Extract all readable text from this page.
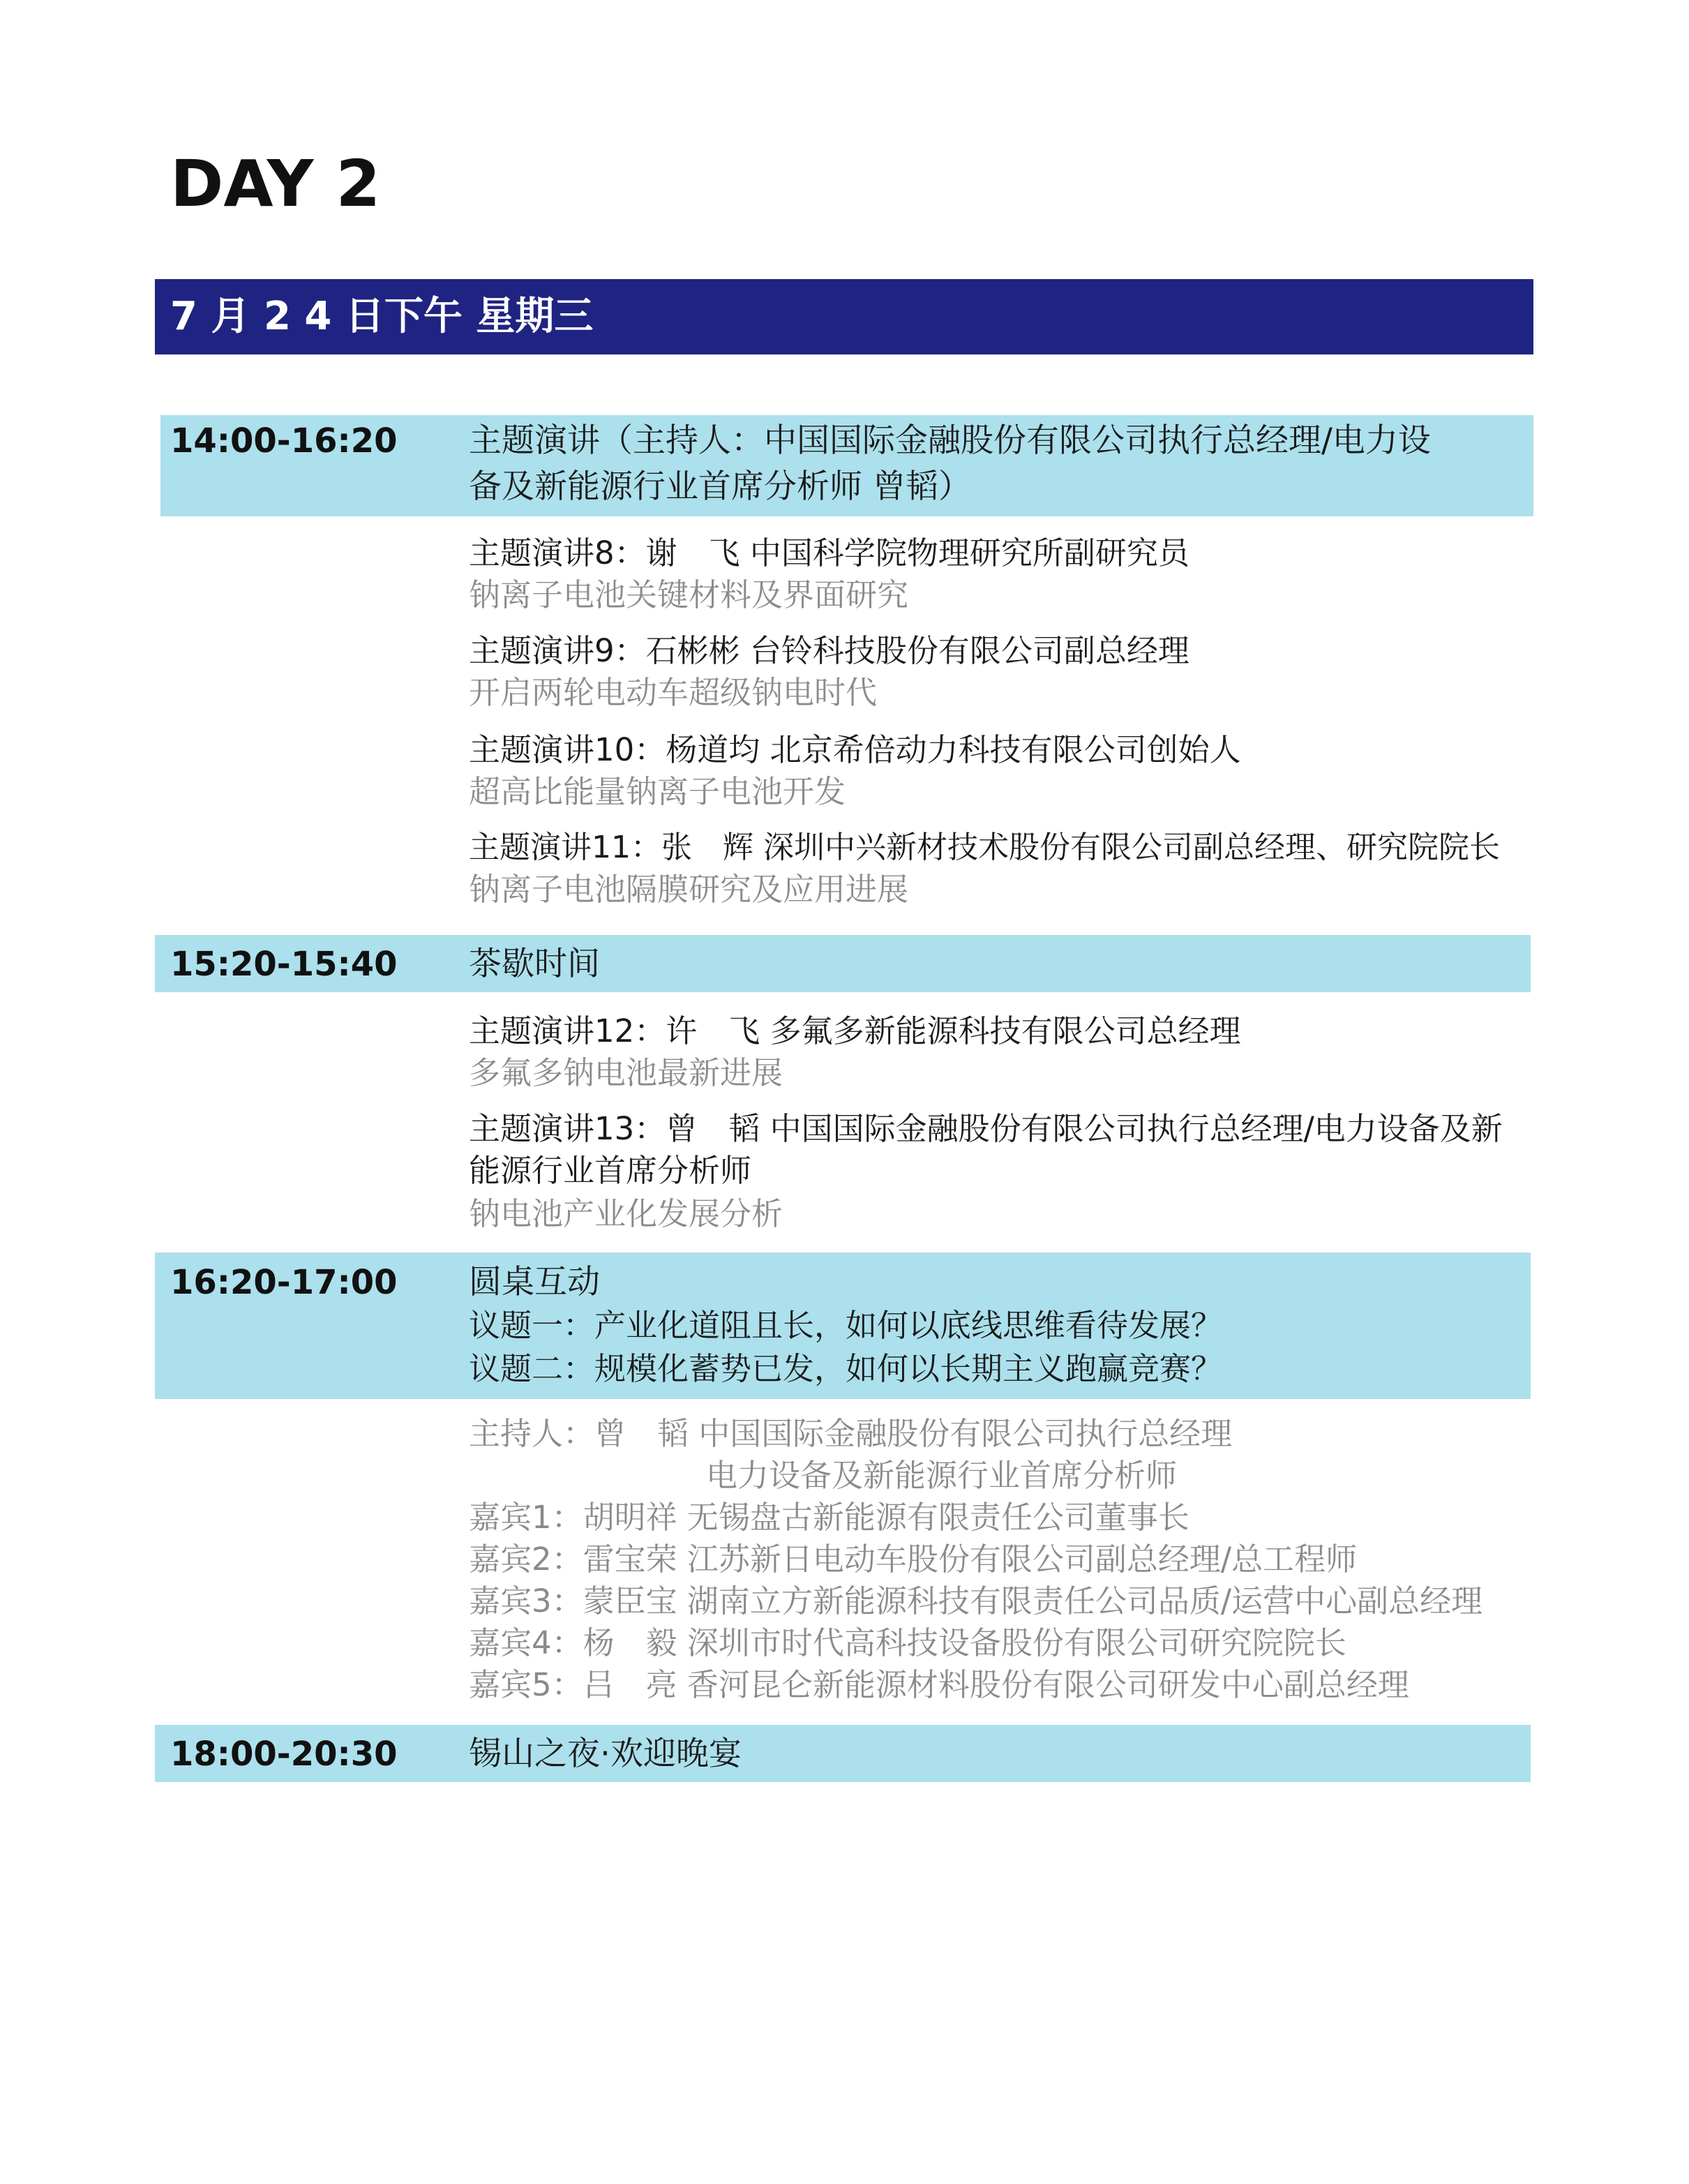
DAY 2
7 月 2 4 日下午 星期三
14:00-16:20 主题演讲（主持人：中国国际金融股份有限公司执行总经理/电力设
备及新能源行业首席分析师 曾韬）
主题演讲8：谢　飞 中国科学院物理研究所副研究员
钠离子电池关键材料及界面研究
主题演讲9：石彬彬 台铃科技股份有限公司副总经理
开启两轮电动车超级钠电时代
主题演讲10：杨道均 北京希倍动力科技有限公司创始人
超高比能量钠离子电池开发
主题演讲11：张　辉 深圳中兴新材技术股份有限公司副总经理、研究院院长
钠离子电池隔膜研究及应用进展
15:20-15:40 茶歇时间
主题演讲12：许　飞 多氟多新能源科技有限公司总经理
多氟多钠电池最新进展
主题演讲13：曾　韬 中国国际金融股份有限公司执行总经理/电力设备及新
能源行业首席分析师
钠电池产业化发展分析
16:20-17:00 圆桌互动
议题一：产业化道阻且长，如何以底线思维看待发展？
议题二：规模化蓄势已发，如何以长期主义跑赢竞赛？
主持人：曾　韬 中国国际金融股份有限公司执行总经理
电力设备及新能源行业首席分析师
嘉宾1：胡明祥 无锡盘古新能源有限责任公司董事长
嘉宾2：雷宝荣 江苏新日电动车股份有限公司副总经理/总工程师
嘉宾3：蒙臣宝 湖南立方新能源科技有限责任公司品质/运营中心副总经理
嘉宾4：杨　毅 深圳市时代高科技设备股份有限公司研究院院长
嘉宾5：吕　亮 香河昆仑新能源材料股份有限公司研发中心副总经理
18:00-20:30 锡山之夜·欢迎晚宴
